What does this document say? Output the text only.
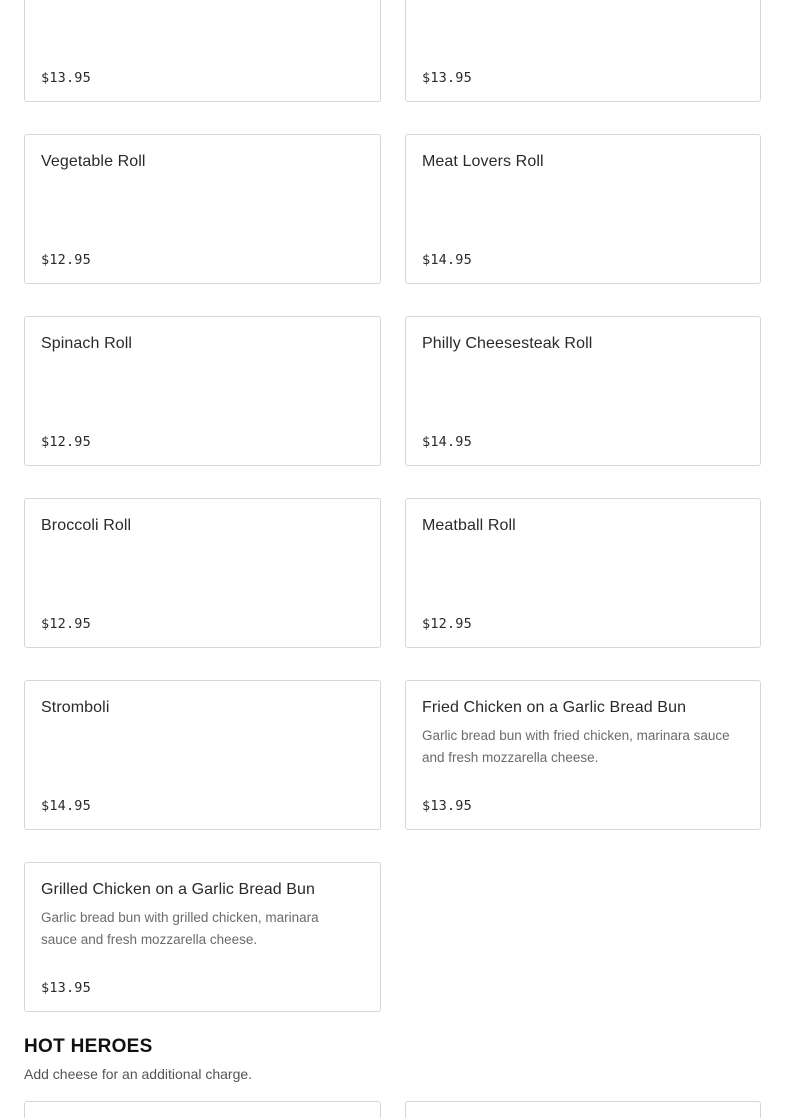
$13.95	$13.95
Vegetable Roll
$12.95
Meat Lovers Roll
$14.95
Spinach Roll
$12.95
Philly Cheesesteak Roll
$14.95
Broccoli Roll
$12.95
Meatball Roll
$12.95
Stromboli
$14.95
Fried Chicken on a Garlic Bread Bun
Garlic bread bun with fried chicken, marinara sauce and fresh mozzarella cheese.
$13.95
Grilled Chicken on a Garlic Bread Bun
Garlic bread bun with grilled chicken, marinara sauce and fresh mozzarella cheese.
$13.95
HOT HEROES
Add cheese for an additional charge.
